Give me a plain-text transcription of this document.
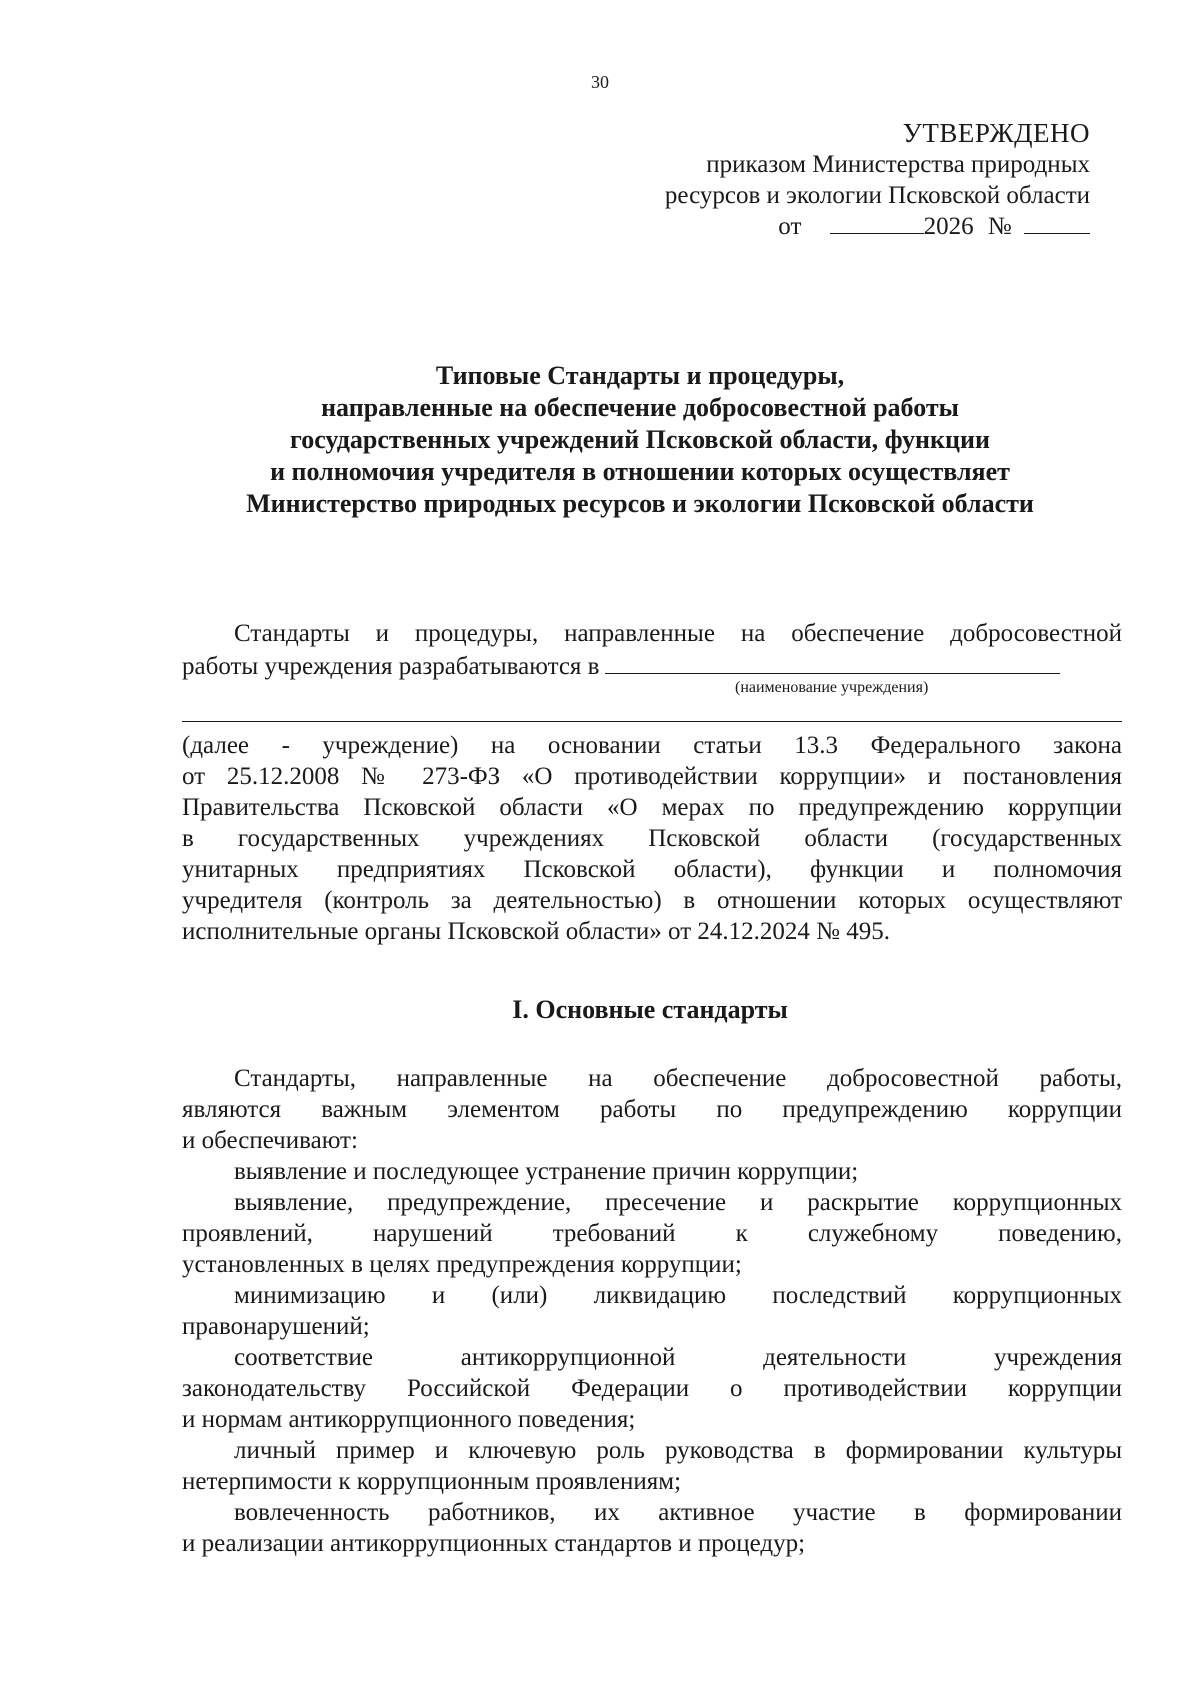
30
УТВЕРЖДЕНО
приказом Министерства природных
ресурсов и экологии Псковской области
от	2026 №
Типовые Стандарты и процедуры,
направленные на обеспечение добросовестной работы
государственных учреждений Псковской области, функции
и полномочия учредителя в отношении которых осуществляет
Министерство природных ресурсов и экологии Псковской области
Стандарты и процедуры, направленные на обеспечение добросовестной
работы учреждения разрабатываются в
(наименование учреждения)
(далее - учреждение) на основании статьи 13.3 Федерального закона
от 25.12.2008 № 273-ФЗ «О противодействии коррупции» и постановления
Правительства Псковской области «О мерах по предупреждению коррупции
в государственных учреждениях Псковской области (государственных
унитарных предприятиях Псковской области), функции и полномочия
учредителя (контроль за деятельностью) в отношении которых осуществляют
исполнительные органы Псковской области» от 24.12.2024 № 495.
I. Основные стандарты
Стандарты, направленные на обеспечение добросовестной работы,
являются важным элементом работы по предупреждению коррупции
и обеспечивают:
выявление и последующее устранение причин коррупции;
выявление, предупреждение, пресечение и раскрытие коррупционных
проявлений, нарушений требований к служебному поведению,
установленных в целях предупреждения коррупции;
минимизацию и (или) ликвидацию последствий коррупционных
правонарушений;
соответствие антикоррупционной деятельности учреждения
законодательству Российской Федерации о противодействии коррупции
и нормам антикоррупционного поведения;
личный пример и ключевую роль руководства в формировании культуры
нетерпимости к коррупционным проявлениям;
вовлеченность работников, их активное участие в формировании
и реализации антикоррупционных стандартов и процедур;
